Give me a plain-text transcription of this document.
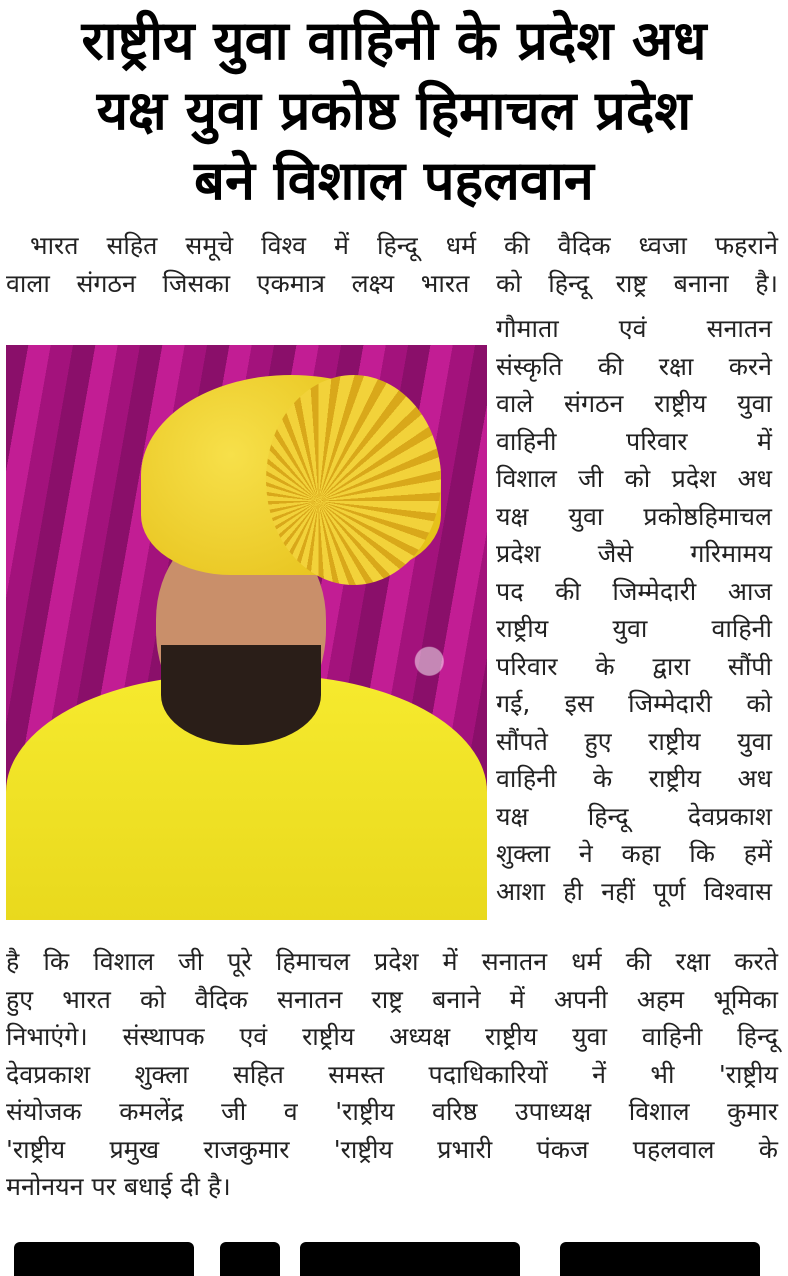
राष्ट्रीय युवा वाहिनी के प्रदेश अध
यक्ष युवा प्रकोष्ठ हिमाचल प्रदेश
बने विशाल पहलवान
भारत सहित समूचे विश्व में हिन्दू धर्म की वैदिक ध्वजा फहराने
वाला संगठन जिसका एकमात्र लक्ष्य भारत को हिन्दू राष्ट्र बनाना है।
गौमाता एवं सनातन
संस्कृति की रक्षा करने
वाले संगठन राष्ट्रीय युवा
वाहिनी परिवार में
विशाल जी को प्रदेश अध
यक्ष युवा प्रकोष्ठहिमाचल
प्रदेश जैसे गरिमामय
पद की जिम्मेदारी आज
राष्ट्रीय युवा वाहिनी
परिवार के द्वारा सौंपी
गई, इस जिम्मेदारी को
सौंपते हुए राष्ट्रीय युवा
वाहिनी के राष्ट्रीय अध
यक्ष हिन्दू देवप्रकाश
शुक्ला ने कहा कि हमें
आशा ही नहीं पूर्ण विश्वास
है कि विशाल जी पूरे हिमाचल प्रदेश में सनातन धर्म की रक्षा करते
हुए भारत को वैदिक सनातन राष्ट्र बनाने में अपनी अहम भूमिका
निभाएंगे। संस्थापक एवं राष्ट्रीय अध्यक्ष राष्ट्रीय युवा वाहिनी हिन्दू
देवप्रकाश शुक्ला सहित समस्त पदाधिकारियों नें भी 'राष्ट्रीय
संयोजक कमलेंद्र जी व 'राष्ट्रीय वरिष्ठ उपाध्यक्ष विशाल कुमार
'राष्ट्रीय प्रमुख राजकुमार 'राष्ट्रीय प्रभारी पंकज पहलवाल के
मनोनयन पर बधाई दी है।
